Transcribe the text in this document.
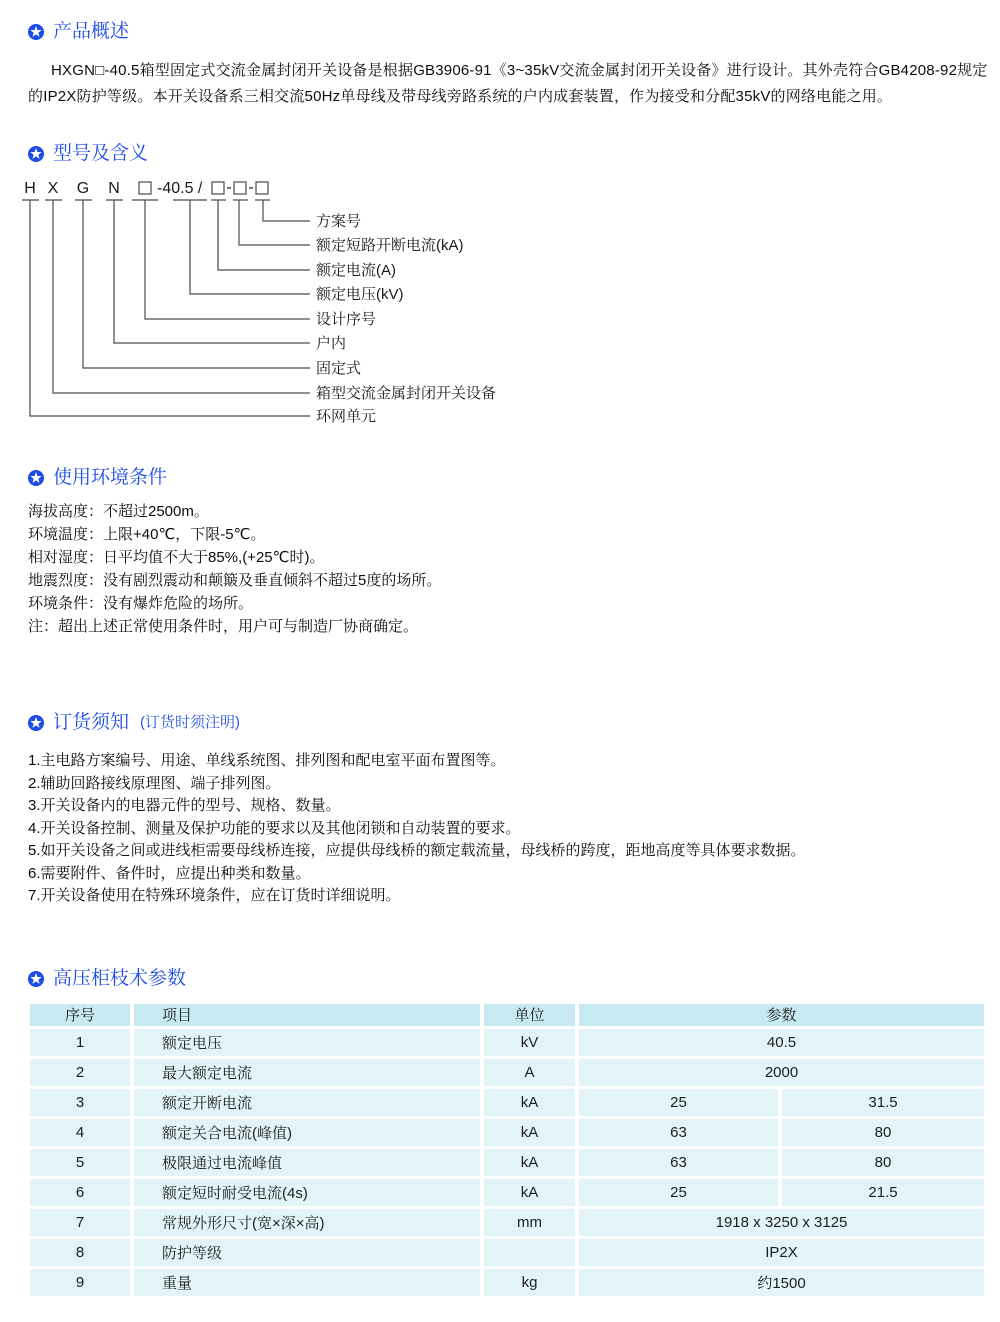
产品概述

HXGN□-40.5箱型固定式交流金属封闭开关设备是根据GB3906-91《3~35kV交流金属封闭开关设备》进行设计。其外壳符合GB4208-92规定的IP2X防护等级。本开关设备系三相交流50Hz单母线及带母线旁路系统的户内成套装置，作为接受和分配35kV的网络电能之用。

型号及含义
H X G N -40.5 / - -
方案号
额定短路开断电流(kA)
额定电流(A)
额定电压(kV)
设计序号
户内
固定式
箱型交流金属封闭开关设备
环网单元
使用环境条件
海拔高度：不超过2500m。
环境温度：上限+40℃，下限-5℃。
相对湿度：日平均值不大于85%,(+25℃时)。
地震烈度：没有剧烈震动和颠簸及垂直倾斜不超过5度的场所。
环境条件：没有爆炸危险的场所。
注：超出上述正常使用条件时，用户可与制造厂协商确定。
订货须知 (订货时须注明)
1.主电路方案编号、用途、单线系统图、排列图和配电室平面布置图等。
2.辅助回路接线原理图、端子排列图。
3.开关设备内的电器元件的型号、规格、数量。
4.开关设备控制、测量及保护功能的要求以及其他闭锁和自动装置的要求。
5.如开关设备之间或进线柜需要母线桥连接，应提供母线桥的额定载流量，母线桥的跨度，距地高度等具体要求数据。
6.需要附件、备件时，应提出种类和数量。
7.开关设备使用在特殊环境条件，应在订货时详细说明。
高压柜枝术参数
序号	项目	单位	参数	
1	额定电压	kV	40.5	
2	最大额定电流	A	2000	
3	额定开断电流	kA	25	31.5
4	额定关合电流(峰值)	kA	63	80
5	极限通过电流峰值	kA	63	80
6	额定短时耐受电流(4s)	kA	25	21.5
7	常规外形尺寸(宽×深×高)	mm	1918 x 3250 x 3125	
8	防护等级		IP2X	
9	重量	kg	约1500	
